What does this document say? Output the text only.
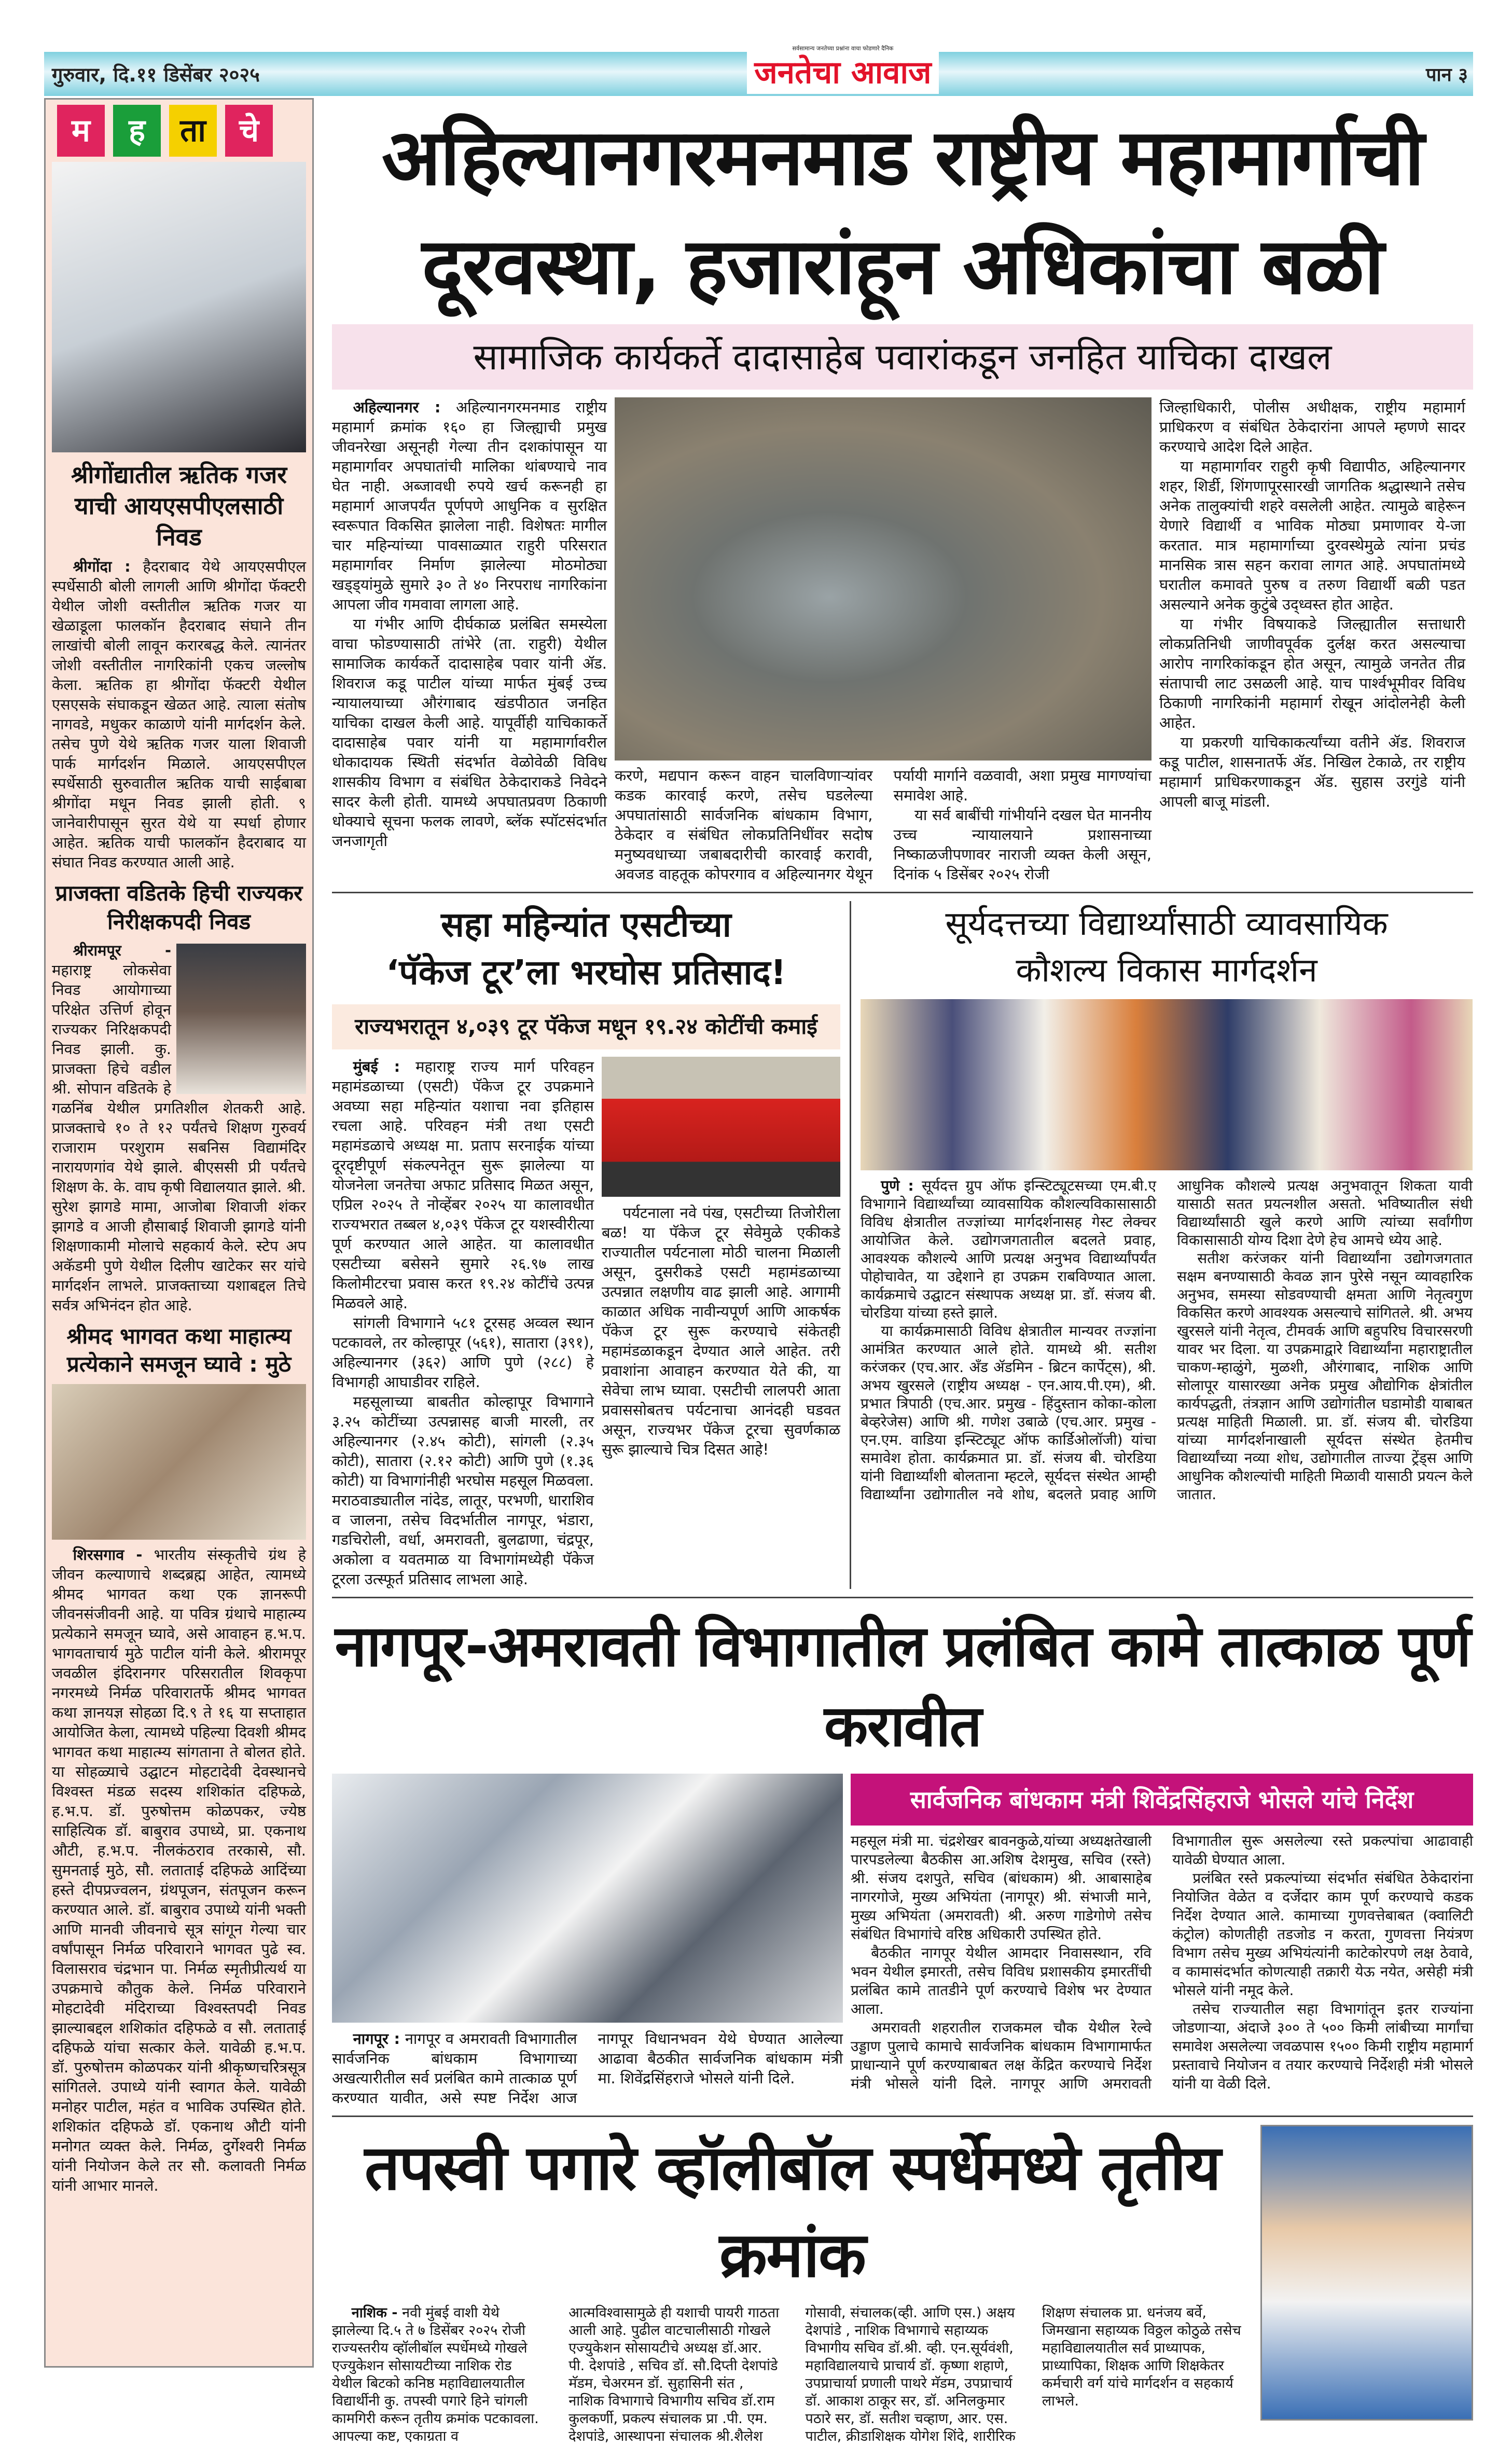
गुरुवार, दि.११ डिसेंबर २०२५
सर्वसामान्य जनतेच्या प्रश्नांना वाचा फोडणारे दैनिक
जनतेचा आवाज	पान ३
म	ह	ता	चे
श्रीगोंद्यातील ऋतिक गजर याची आयएसपीएलसाठी निवड

श्रीगोंदा : हैदराबाद येथे आयएसपीएल स्पर्धेसाठी बोली लागली आणि श्रीगोंदा फॅक्टरी येथील जोशी वस्तीतील ऋतिक गजर या खेळाडूला फालकॉन हैदराबाद संघाने तीन लाखांची बोली लावून करारबद्ध केले. त्यानंतर जोशी वस्तीतील नागरिकांनी एकच जल्लोष केला. ऋतिक हा श्रीगोंदा फॅक्टरी येथील एसएसके संघाकडून खेळत आहे. त्याला संतोष नागवडे, मधुकर काळाणे यांनी मार्गदर्शन केले. तसेच पुणे येथे ऋतिक गजर याला शिवाजी पार्क मार्गदर्शन मिळाले. आयएसपीएल स्पर्धेसाठी सुरुवातील ऋतिक याची साईबाबा श्रीगोंदा मधून निवड झाली होती. ९ जानेवारीपासून सुरत येथे या स्पर्धा होणार आहेत. ऋतिक याची फालकॉन हैदराबाद या संघात निवड करण्यात आली आहे.

प्राजक्ता वडितके हिची राज्यकर निरीक्षकपदी निवड

श्रीरामपूर - महाराष्ट्र लोकसेवा निवड आयोगाच्या परिक्षेत उत्तिर्ण होवून राज्यकर निरिक्षकपदी निवड झाली. कु. प्राजक्ता हिचे वडील श्री. सोपान वडितके हे गळनिंब येथील प्रगतिशील शेतकरी आहे. प्राजक्ताचे १० ते १२ पर्यंतचे शिक्षण गुरुवर्य राजाराम परशुराम सबनिस विद्यामंदिर नारायणगांव येथे झाले. बीएससी प्री पर्यंतचे शिक्षण के. के. वाघ कृषी विद्यालयात झाले. श्री. सुरेश झागडे मामा, आजोबा शिवाजी शंकर झागडे व आजी हौसाबाई शिवाजी झागडे यांनी शिक्षणाकामी मोलाचे सहकार्य केले. स्टेप अप अकॅडमी पुणे येथील दिलीप खाटेकर सर यांचे मार्गदर्शन लाभले. प्राजक्ताच्या यशाबद्दल तिचे सर्वत्र अभिनंदन होत आहे.

श्रीमद भागवत कथा माहात्म्य प्रत्येकाने समजून घ्यावे : मुठे

शिरसगाव - भारतीय संस्कृतीचे ग्रंथ हे जीवन कल्याणाचे शब्दब्रह्म आहेत, त्यामध्ये श्रीमद भागवत कथा एक ज्ञानरूपी जीवनसंजीवनी आहे. या पवित्र ग्रंथाचे माहात्म्य प्रत्येकाने समजून घ्यावे, असे आवाहन ह.भ.प. भागवताचार्य मुठे पाटील यांनी केले. श्रीरामपूर जवळील इंदिरानगर परिसरातील शिवकृपा नगरमध्ये निर्मळ परिवारातर्फे श्रीमद भागवत कथा ज्ञानयज्ञ सोहळा दि.९ ते १६ या सप्ताहात आयोजित केला, त्यामध्ये पहिल्या दिवशी श्रीमद भागवत कथा माहात्म्य सांगताना ते बोलत होते. या सोहळ्याचे उद्घाटन मोहटादेवी देवस्थानचे विश्वस्त मंडळ सदस्य शशिकांत दहिफळे, ह.भ.प. डॉ. पुरुषोत्तम कोळपकर, ज्येष्ठ साहित्यिक डॉ. बाबुराव उपाध्ये, प्रा. एकनाथ औटी, ह.भ.प. नीलकंठराव तरकासे, सौ. सुमनताई मुठे, सौ. लताताई दहिफळे आदिंच्या हस्ते दीपप्रज्वलन, ग्रंथपूजन, संतपूजन करून करण्यात आले. डॉ. बाबुराव उपाध्ये यांनी भक्ती आणि मानवी जीवनाचे सूत्र सांगून गेल्या चार वर्षांपासून निर्मळ परिवाराने भागवत पुढे स्व. विलासराव चंद्रभान पा. निर्मळ स्मृतीप्रीत्यर्थ या उपक्रमाचे कौतुक केले. निर्मळ परिवाराने मोहटादेवी मंदिराच्या विश्वस्तपदी निवड झाल्याबद्दल शशिकांत दहिफळे व सौ. लताताई दहिफळे यांचा सत्कार केले. यावेळी ह.भ.प. डॉ. पुरुषोत्तम कोळपकर यांनी श्रीकृष्णचरित्रसूत्र सांगितले. उपाध्ये यांनी स्वागत केले. यावेळी मनोहर पाटील, महंत व भाविक उपस्थित होते. शशिकांत दहिफळे डॉ. एकनाथ औटी यांनी मनोगत व्यक्त केले. निर्मळ, दुर्गेश्वरी निर्मळ यांनी नियोजन केले तर सौ. कलावती निर्मळ यांनी आभार मानले.

अहिल्यानगरमनमाड राष्ट्रीय महामार्गाची दूरवस्था, हजारांहून अधिकांचा बळी
सामाजिक कार्यकर्ते दादासाहेब पवारांकडून जनहित याचिका दाखल

अहिल्यानगर : अहिल्यानगरमनमाड राष्ट्रीय महामार्ग क्रमांक १६० हा जिल्ह्याची प्रमुख जीवनरेखा असूनही गेल्या तीन दशकांपासून या महामार्गावर अपघातांची मालिका थांबण्याचे नाव घेत नाही. अब्जावधी रुपये खर्च करूनही हा महामार्ग आजपर्यंत पूर्णपणे आधुनिक व सुरक्षित स्वरूपात विकसित झालेला नाही. विशेषतः मागील चार महिन्यांच्या पावसाळ्यात राहुरी परिसरात महामार्गावर निर्माण झालेल्या मोठमोठ्या खड्ड्यांमुळे सुमारे ३० ते ४० निरपराध नागरिकांना आपला जीव गमवावा लागला आहे.

या गंभीर आणि दीर्घकाळ प्रलंबित समस्येला वाचा फोडण्यासाठी तांभेरे (ता. राहुरी) येथील सामाजिक कार्यकर्ते दादासाहेब पवार यांनी ॲड. शिवराज कडू पाटील यांच्या मार्फत मुंबई उच्च न्यायालयाच्या औरंगाबाद खंडपीठात जनहित याचिका दाखल केली आहे. यापूर्वीही याचिकाकर्ते दादासाहेब पवार यांनी या महामार्गावरील धोकादायक स्थिती संदर्भात वेळोवेळी विविध शासकीय विभाग व संबंधित ठेकेदाराकडे निवेदने सादर केली होती. यामध्ये अपघातप्रवण ठिकाणी धोक्याचे सूचना फलक लावणे, ब्लॅक स्पॉटसंदर्भात जनजागृती

करणे, मद्यपान करून वाहन चालविणाऱ्यांवर कडक कारवाई करणे, तसेच घडलेल्या अपघातांसाठी सार्वजनिक बांधकाम विभाग, ठेकेदार व संबंधित लोकप्रतिनिधींवर सदोष मनुष्यवधाच्या जबाबदारीची कारवाई करावी, अवजड वाहतूक कोपरगाव व अहिल्यानगर येथून पर्यायी मार्गाने वळवावी, अशा प्रमुख मागण्यांचा समावेश आहे.

या सर्व बाबींची गांभीर्याने दखल घेत माननीय उच्च न्यायालयाने प्रशासनाच्या निष्काळजीपणावर नाराजी व्यक्त केली असून, दिनांक ५ डिसेंबर २०२५ रोजी

जिल्हाधिकारी, पोलीस अधीक्षक, राष्ट्रीय महामार्ग प्राधिकरण व संबंधित ठेकेदारांना आपले म्हणणे सादर करण्याचे आदेश दिले आहेत.

या महामार्गावर राहुरी कृषी विद्यापीठ, अहिल्यानगर शहर, शिर्डी, शिंगणापूरसारखी जागतिक श्रद्धास्थाने तसेच अनेक तालुक्यांची शहरे वसलेली आहेत. त्यामुळे बाहेरून येणारे विद्यार्थी व भाविक मोठ्या प्रमाणावर ये-जा करतात. मात्र महामार्गाच्या दुरवस्थेमुळे त्यांना प्रचंड मानसिक त्रास सहन करावा लागत आहे. अपघातांमध्ये घरातील कमावते पुरुष व तरुण विद्यार्थी बळी पडत असल्याने अनेक कुटुंबे उद्ध्वस्त होत आहेत.

या गंभीर विषयाकडे जिल्ह्यातील सत्ताधारी लोकप्रतिनिधी जाणीवपूर्वक दुर्लक्ष करत असल्याचा आरोप नागरिकांकडून होत असून, त्यामुळे जनतेत तीव्र संतापाची लाट उसळली आहे. याच पार्श्वभूमीवर विविध ठिकाणी नागरिकांनी महामार्ग रोखून आंदोलनेही केली आहेत.

या प्रकरणी याचिकाकर्त्यांच्या वतीने ॲड. शिवराज कडू पाटील, शासनातर्फे ॲड. निखिल टेकाळे, तर राष्ट्रीय महामार्ग प्राधिकरणाकडून ॲड. सुहास उरगुंडे यांनी आपली बाजू मांडली.

सहा महिन्यांत एसटीच्या
‘पॅकेज टूर’ला भरघोस प्रतिसाद!
राज्यभरातून ४,०३९ टूर पॅकेज मधून १९.२४ कोटींची कमाई

मुंबई : महाराष्ट्र राज्य मार्ग परिवहन महामंडळाच्या (एसटी) पॅकेज टूर उपक्रमाने अवघ्या सहा महिन्यांत यशाचा नवा इतिहास रचला आहे. परिवहन मंत्री तथा एसटी महामंडळाचे अध्यक्ष मा. प्रताप सरनाईक यांच्या दूरदृष्टीपूर्ण संकल्पनेतून सुरू झालेल्या या योजनेला जनतेचा अफाट प्रतिसाद मिळत असून, एप्रिल २०२५ ते नोव्हेंबर २०२५ या कालावधीत राज्यभरात तब्बल ४,०३९ पॅकेज टूर यशस्वीरीत्या पूर्ण करण्यात आले आहेत. या कालावधीत एसटीच्या बसेसने सुमारे २६.९७ लाख किलोमीटरचा प्रवास करत १९.२४ कोटींचे उत्पन्न मिळवले आहे.

सांगली विभागाने ५८१ टूरसह अव्वल स्थान पटकावले, तर कोल्हापूर (५६१), सातारा (३९१), अहिल्यानगर (३६२) आणि पुणे (२८८) हे विभागही आघाडीवर राहिले.

महसूलाच्या बाबतीत कोल्हापूर विभागाने ३.२५ कोटींच्या उत्पन्नासह बाजी मारली, तर अहिल्यानगर (२.४५ कोटी), सांगली (२.३५ कोटी), सातारा (२.१२ कोटी) आणि पुणे (१.३६ कोटी) या विभागांनीही भरघोस महसूल मिळवला. मराठवाड्यातील नांदेड, लातूर, परभणी, धाराशिव व जालना, तसेच विदर्भातील नागपूर, भंडारा, गडचिरोली, वर्धा, अमरावती, बुलढाणा, चंद्रपूर, अकोला व यवतमाळ या विभागांमध्येही पॅकेज टूरला उत्स्फूर्त प्रतिसाद लाभला आहे.

पर्यटनाला नवे पंख, एसटीच्या तिजोरीला बळ! या पॅकेज टूर सेवेमुळे एकीकडे राज्यातील पर्यटनाला मोठी चालना मिळाली असून, दुसरीकडे एसटी महामंडळाच्या उत्पन्नात लक्षणीय वाढ झाली आहे. आगामी काळात अधिक नावीन्यपूर्ण आणि आकर्षक पॅकेज टूर सुरू करण्याचे संकेतही महामंडळाकडून देण्यात आले आहेत. तरी प्रवाशांना आवाहन करण्यात येते की, या सेवेचा लाभ घ्यावा. एसटीची लालपरी आता प्रवाससोबतच पर्यटनाचा आनंदही घडवत असून, राज्यभर पॅकेज टूरचा सुवर्णकाळ सुरू झाल्याचे चित्र दिसत आहे!

सूर्यदत्तच्या विद्यार्थ्यांसाठी व्यावसायिक
कौशल्य विकास मार्गदर्शन

पुणे : सूर्यदत्त ग्रुप ऑफ इन्स्टिट्यूटसच्या एम.बी.ए विभागाने विद्यार्थ्यांच्या व्यावसायिक कौशल्यविकासासाठी विविध क्षेत्रातील तज्ज्ञांच्या मार्गदर्शनासह गेस्ट लेक्चर आयोजित केले. उद्योगजगतातील बदलते प्रवाह, आवश्यक कौशल्ये आणि प्रत्यक्ष अनुभव विद्यार्थ्यांपर्यंत पोहोचावेत, या उद्देशाने हा उपक्रम राबविण्यात आला. कार्यक्रमाचे उद्घाटन संस्थापक अध्यक्ष प्रा. डॉ. संजय बी. चोरडिया यांच्या हस्ते झाले.

या कार्यक्रमासाठी विविध क्षेत्रातील मान्यवर तज्ज्ञांना आमंत्रित करण्यात आले होते. यामध्ये श्री. सतीश करंजकर (एच.आर. अँड ॲडमिन - ब्रिटन कार्पेट्स), श्री. अभय खुरसले (राष्ट्रीय अध्यक्ष - एन.आय.पी.एम), श्री. प्रभात त्रिपाठी (एच.आर. प्रमुख - हिंदुस्तान कोका-कोला बेव्हरेजेस) आणि श्री. गणेश उबाळे (एच.आर. प्रमुख - एन.एम. वाडिया इन्स्टिट्यूट ऑफ कार्डिओलॉजी) यांचा समावेश होता. कार्यक्रमात प्रा. डॉ. संजय बी. चोरडिया यांनी विद्यार्थ्यांशी बोलताना म्हटले, सूर्यदत्त संस्थेत आम्ही विद्यार्थ्यांना उद्योगातील नवे शोध, बदलते प्रवाह आणि आधुनिक कौशल्ये प्रत्यक्ष अनुभवातून शिकता यावी यासाठी सतत प्रयत्नशील असतो. भविष्यातील संधी विद्यार्थ्यांसाठी खुले करणे आणि त्यांच्या सर्वांगीण विकासासाठी योग्य दिशा देणे हेच आमचे ध्येय आहे.

सतीश करंजकर यांनी विद्यार्थ्यांना उद्योगजगतात सक्षम बनण्यासाठी केवळ ज्ञान पुरेसे नसून व्यावहारिक अनुभव, समस्या सोडवण्याची क्षमता आणि नेतृत्वगुण विकसित करणे आवश्यक असल्याचे सांगितले. श्री. अभय खुरसले यांनी नेतृत्व, टीमवर्क आणि बहुपरिघ विचारसरणी यावर भर दिला. या उपक्रमाद्वारे विद्यार्थ्यांना महाराष्ट्रातील चाकण-म्हाळुंगे, मुळशी, औरंगाबाद, नाशिक आणि सोलापूर यासारख्या अनेक प्रमुख औद्योगिक क्षेत्रांतील कार्यपद्धती, तंत्रज्ञान आणि उद्योगांतील घडामोडी याबाबत प्रत्यक्ष माहिती मिळाली. प्रा. डॉ. संजय बी. चोरडिया यांच्या मार्गदर्शनाखाली सूर्यदत्त संस्थेत हेतमीच विद्यार्थ्यांच्या नव्या शोध, उद्योगातील ताज्या ट्रेंड्स आणि आधुनिक कौशल्यांची माहिती मिळावी यासाठी प्रयत्न केले जातात.

नागपूर-अमरावती विभागातील प्रलंबित कामे तात्काळ पूर्ण करावीत

नागपूर : नागपूर व अमरावती विभागातील सार्वजनिक बांधकाम विभागाच्या अखत्यारीतील सर्व प्रलंबित कामे तात्काळ पूर्ण करण्यात यावीत, असे स्पष्ट निर्देश आज नागपूर विधानभवन येथे घेण्यात आलेल्या आढावा बैठकीत सार्वजनिक बांधकाम मंत्री मा. शिवेंद्रसिंहराजे भोसले यांनी दिले.

सार्वजनिक बांधकाम मंत्री शिवेंद्रसिंहराजे भोसले यांचे निर्देश

महसूल मंत्री मा. चंद्रशेखर बावनकुळे,यांच्या अध्यक्षतेखाली पारपडलेल्या बैठकीस आ.अशिष देशमुख, सचिव (रस्ते) श्री. संजय दशपुते, सचिव (बांधकाम) श्री. आबासाहेब नागरगोजे, मुख्य अभियंता (नागपूर) श्री. संभाजी माने, मुख्य अभियंता (अमरावती) श्री. अरुण गाडेगोणे तसेच संबंधित विभागांचे वरिष्ठ अधिकारी उपस्थित होते.

बैठकीत नागपूर येथील आमदार निवासस्थान, रवि भवन येथील इमारती, तसेच विविध प्रशासकीय इमारतींची प्रलंबित कामे तातडीने पूर्ण करण्याचे विशेष भर देण्यात आला.

अमरावती शहरातील राजकमल चौक येथील रेल्वे उड्डाण पुलाचे कामाचे सार्वजनिक बांधकाम विभागामार्फत प्राधान्याने पूर्ण करण्याबाबत लक्ष केंद्रित करण्याचे निर्देश मंत्री भोसले यांनी दिले. नागपूर आणि अमरावती विभागातील सुरू असलेल्या रस्ते प्रकल्पांचा आढावाही यावेळी घेण्यात आला.

प्रलंबित रस्ते प्रकल्पांच्या संदर्भात संबंधित ठेकेदारांना नियोजित वेळेत व दर्जेदार काम पूर्ण करण्याचे कडक निर्देश देण्यात आले. कामाच्या गुणवत्तेबाबत (क्वालिटी कंट्रोल) कोणतीही तडजोड न करता, गुणवत्ता नियंत्रण विभाग तसेच मुख्य अभियंत्यांनी काटेकोरपणे लक्ष ठेवावे, व कामासंदर्भात कोणत्याही तक्रारी येऊ नयेत, असेही मंत्री भोसले यांनी नमूद केले.

तसेच राज्यातील सहा विभागांतून इतर राज्यांना जोडणाऱ्या, अंदाजे ३०० ते ५०० किमी लांबीच्या मार्गांचा समावेश असलेल्या जवळपास १५०० किमी राष्ट्रीय महामार्ग प्रस्तावाचे नियोजन व तयार करण्याचे निर्देशही मंत्री भोसले यांनी या वेळी दिले.

तपस्वी पगारे व्हॉलीबॉल स्पर्धेमध्ये तृतीय क्रमांक

नाशिक - नवी मुंबई वाशी येथे झालेल्या दि.५ ते ७ डिसेंबर २०२५ रोजी राज्यस्तरीय व्हॉलीबॉल स्पर्धेमध्ये गोखले एज्युकेशन सोसायटीच्या नाशिक रोड येथील बिटको कनिष्ठ महाविद्यालयातील विद्यार्थीनी कु. तपस्वी पगारे हिने चांगली कामगिरी करून तृतीय क्रमांक पटकावला. आपल्या कष्ट, एकाग्रता व आत्मविश्वासामुळे ही यशाची पायरी गाठता आली आहे. पुढील वाटचालीसाठी गोखले एज्युकेशन सोसायटीचे अध्यक्ष डॉ.आर. पी. देशपांडे , सचिव डॉ. सौ.दिप्ती देशपांडे मॅडम, चेअरमन डॉ. सुहासिनी संत , नाशिक विभागाचे विभागीय सचिव डॉ.राम कुलकर्णी, प्रकल्प संचालक प्रा .पी. एम. देशपांडे, आस्थापना संचालक श्री.शैलेश गोसावी, संचालक(व्ही. आणि एस.) अक्षय देशपांडे , नाशिक विभागाचे सहाय्यक विभागीय सचिव डॉ.श्री. व्ही. एन.सूर्यवंशी, महाविद्यालयाचे प्राचार्य डॉ. कृष्णा शहाणे, उपप्राचार्या प्रणाली पाथरे मॅडम, उपप्राचार्य डॉ. आकाश ठाकूर सर, डॉ. अनिलकुमार पठारे सर, डॉ. सतीश चव्हाण, आर. एस. पाटील, क्रीडाशिक्षक योगेश शिंदे, शारीरिक शिक्षण संचालक प्रा. धनंजय बर्वे, जिमखाना सहाय्यक विठ्ठल कोठुळे तसेच महाविद्यालयातील सर्व प्राध्यापक, प्राध्यापिका, शिक्षक आणि शिक्षकेतर कर्मचारी वर्ग यांचे मार्गदर्शन व सहकार्य लाभले.
